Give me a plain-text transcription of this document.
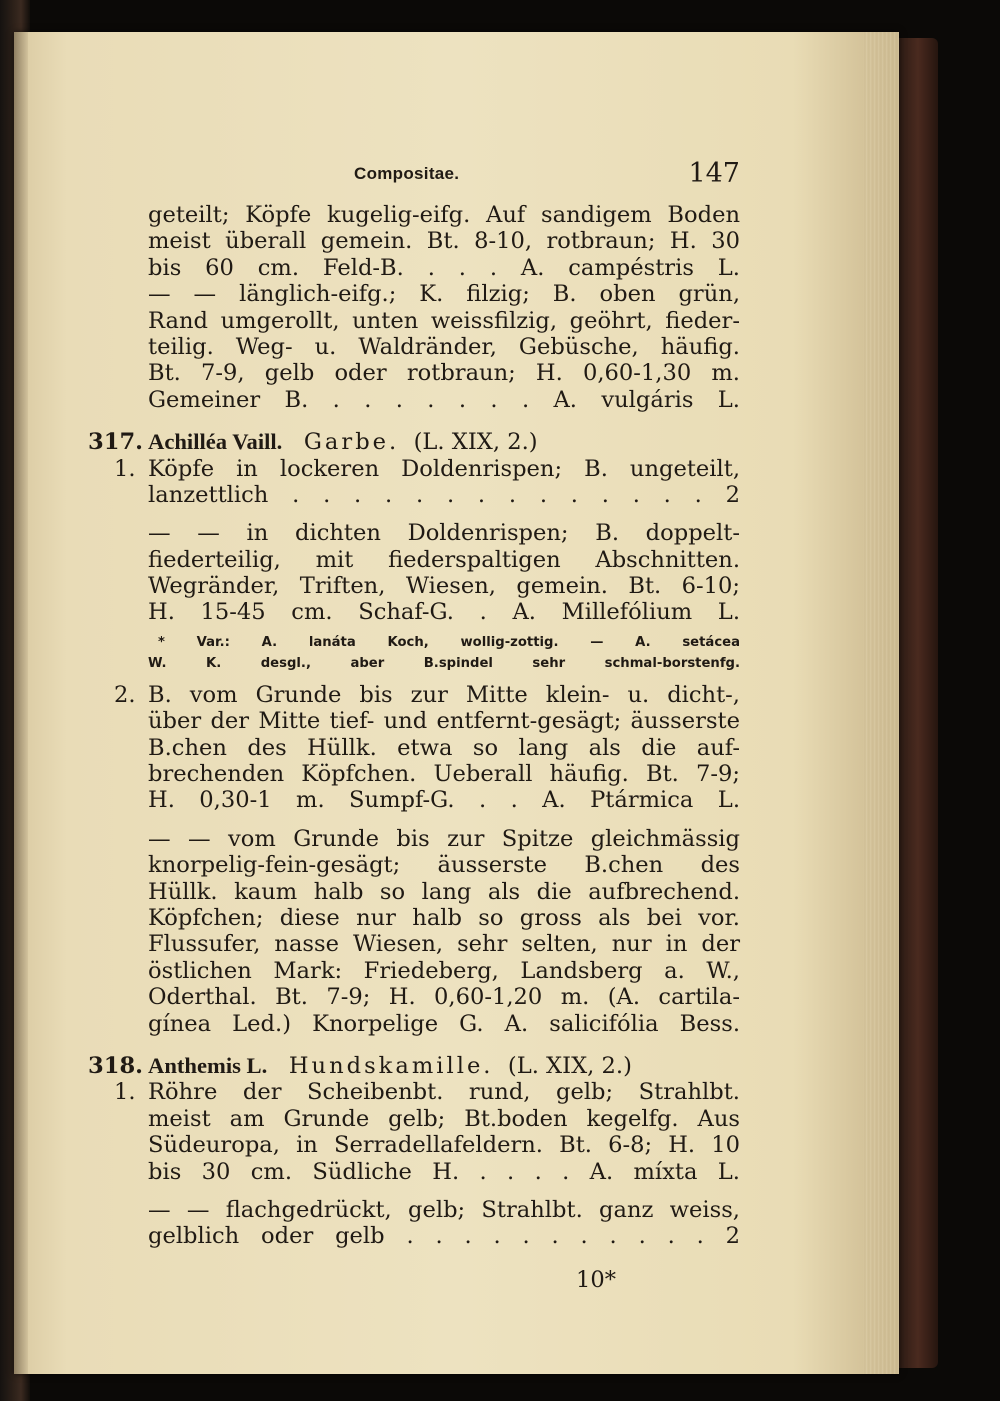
Compositae.	147
geteilt; Köpfe kugelig-eifg. Auf sandigem Boden
meist überall gemein. Bt. 8-10, rotbraun; H. 30
bis 60 cm. Feld-B. . . . A. campéstris L.
— — länglich-eifg.; K. filzig; B. oben grün,
Rand umgerollt, unten weissfilzig, geöhrt, fieder-
teilig. Weg- u. Waldränder, Gebüsche, häufig.
Bt. 7-9, gelb oder rotbraun; H. 0,60-1,30 m.
Gemeiner B. . . . . . . . A. vulgáris L.
317. Achilléa Vaill. Garbe. (L. XIX, 2.)
1. Köpfe in lockeren Doldenrispen; B. ungeteilt,
lanzettlich . . . . . . . . . . . . . . 2
— — in dichten Doldenrispen; B. doppelt-
fiederteilig, mit fiederspaltigen Abschnitten.
Wegränder, Triften, Wiesen, gemein. Bt. 6-10;
H. 15-45 cm. Schaf-G. . A. Millefólium L.
* Var.: A. lanáta Koch, wollig-zottig. — A. setácea
W. K. desgl., aber B.spindel sehr schmal-borstenfg.
2. B. vom Grunde bis zur Mitte klein- u. dicht-,
über der Mitte tief- und entfernt-gesägt; äusserste
B.chen des Hüllk. etwa so lang als die auf-
brechenden Köpfchen. Ueberall häufig. Bt. 7-9;
H. 0,30-1 m. Sumpf-G. . . A. Ptármica L.
— — vom Grunde bis zur Spitze gleichmässig
knorpelig-fein-gesägt; äusserste B.chen des
Hüllk. kaum halb so lang als die aufbrechend.
Köpfchen; diese nur halb so gross als bei vor.
Flussufer, nasse Wiesen, sehr selten, nur in der
östlichen Mark: Friedeberg, Landsberg a. W.,
Oderthal. Bt. 7-9; H. 0,60-1,20 m. (A. cartila-
gínea Led.) Knorpelige G. A. salicifólia Bess.
318. Anthemis L. Hundskamille. (L. XIX, 2.)
1. Röhre der Scheibenbt. rund, gelb; Strahlbt.
meist am Grunde gelb; Bt.boden kegelfg. Aus
Südeuropa, in Serradellafeldern. Bt. 6-8; H. 10
bis 30 cm. Südliche H. . . . . A. míxta L.
— — flachgedrückt, gelb; Strahlbt. ganz weiss,
gelblich oder gelb . . . . . . . . . . . 2
10*
